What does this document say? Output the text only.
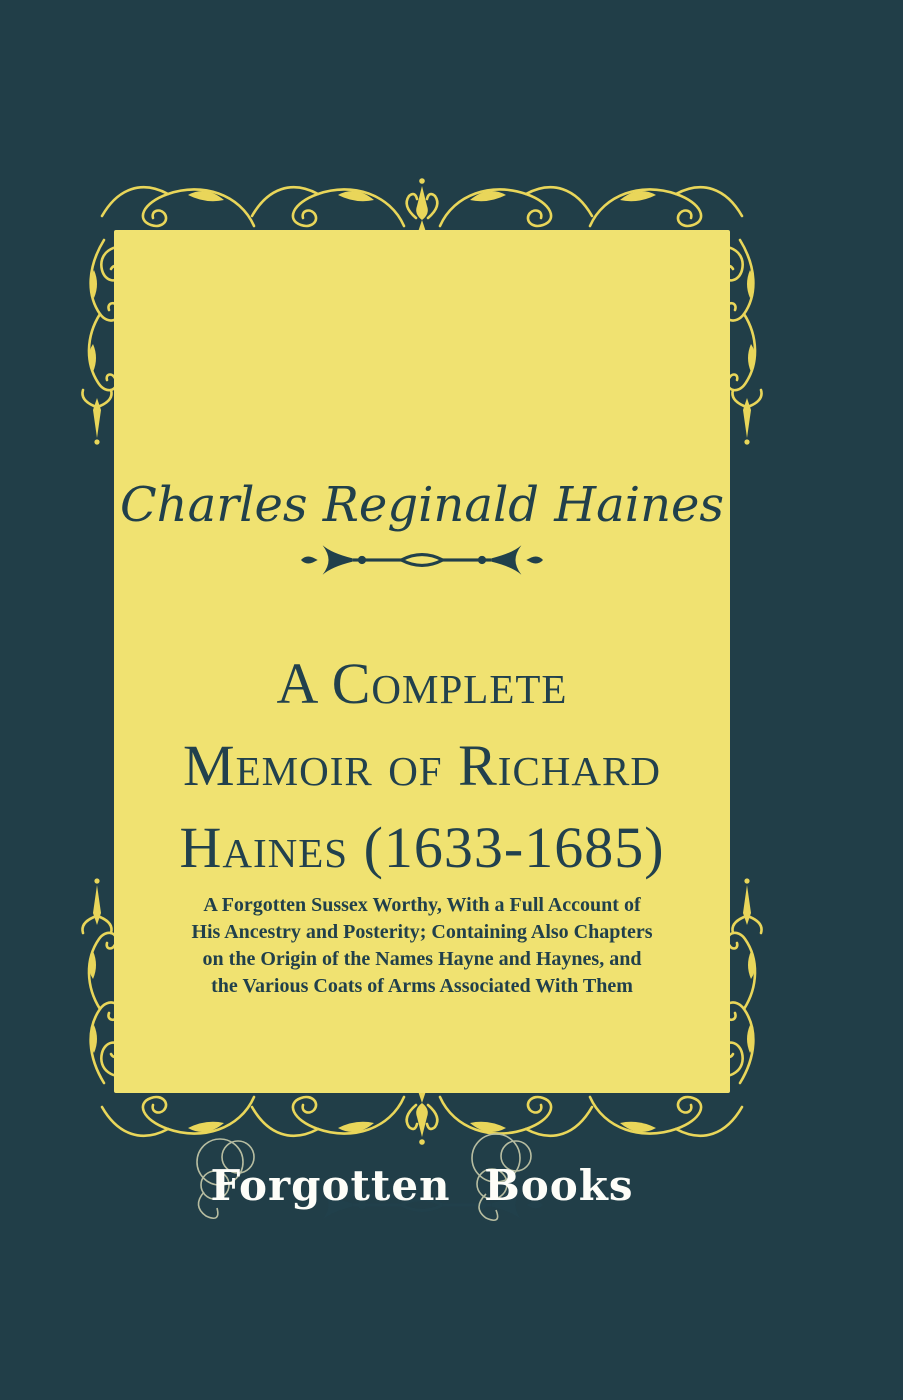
Charles Reginald Haines
A Complete
Memoir of Richard
Haines (1633-1685)
A Forgotten Sussex Worthy, With a Full Account of
His Ancestry and Posterity; Containing Also Chapters
on the Origin of the Names Hayne and Haynes, and
the Various Coats of Arms Associated With Them
Forgotten Books
